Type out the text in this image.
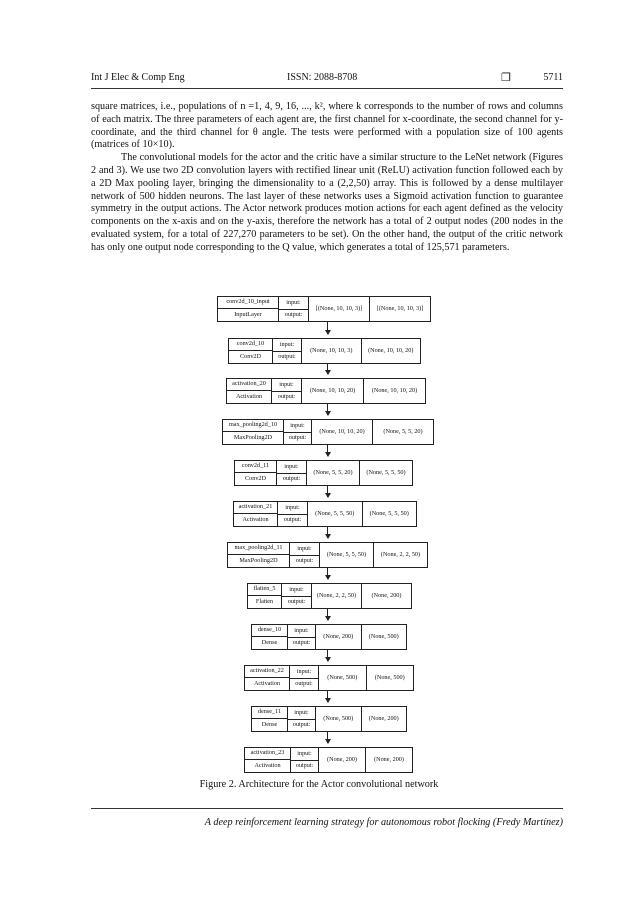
Int J Elec & Comp Eng	ISSN: 2088-8708	❐	5711

square matrices, i.e., populations of n =1, 4, 9, 16, ..., k², where k corresponds to the number of rows and columns of each matrix. The three parameters of each agent are, the first channel for x-coordinate, the second channel for y-coordinate, and the third channel for θ angle. The tests were performed with a population size of 100 agents (matrices of 10×10).

The convolutional models for the actor and the critic have a similar structure to the LeNet network (Figures 2 and 3). We use two 2D convolution layers with rectified linear unit (ReLU) activation function followed each by a 2D Max pooling layer, bringing the dimensionality to a (2,2,50) array. This is followed by a dense multilayer network of 500 hidden neurons. The last layer of these networks uses a Sigmoid activation function to guarantee symmetry in the output actions. The Actor network produces motion actions for each agent defined as the velocity components on the x-axis and on the y-axis, therefore the network has a total of 2 output nodes (200 nodes in the evaluated system, for a total of 227,270 parameters to be set). On the other hand, the output of the critic network has only one output node corresponding to the Q value, which generates a total of 125,571 parameters.

conv2d_10_input
InputLayer
input:
output:
[(None, 10, 10, 3)]	[(None, 10, 10, 3)]
conv2d_10
Conv2D
input:
output:
(None, 10, 10, 3)	(None, 10, 10, 20)
activation_20
Activation
input:
output:
(None, 10, 10, 20)	(None, 10, 10, 20)
max_pooling2d_10
MaxPooling2D
input:
output:
(None, 10, 10, 20)	(None, 5, 5, 20)
conv2d_11
Conv2D
input:
output:
(None, 5, 5, 20)	(None, 5, 5, 50)
activation_21
Activation
input:
output:
(None, 5, 5, 50)	(None, 5, 5, 50)
max_pooling2d_11
MaxPooling2D
input:
output:
(None, 5, 5, 50)	(None, 2, 2, 50)
flatten_5
Flatten
input:
output:
(None, 2, 2, 50)	(None, 200)
dense_10
Dense
input:
output:
(None, 200)	(None, 500)
activation_22
Activation
input:
output:
(None, 500)	(None, 500)
dense_11
Dense
input:
output:
(None, 500)	(None, 200)
activation_23
Activation
input:
output:
(None, 200)	(None, 200)
Figure 2. Architecture for the Actor convolutional network
A deep reinforcement learning strategy for autonomous robot flocking (Fredy Martínez)
